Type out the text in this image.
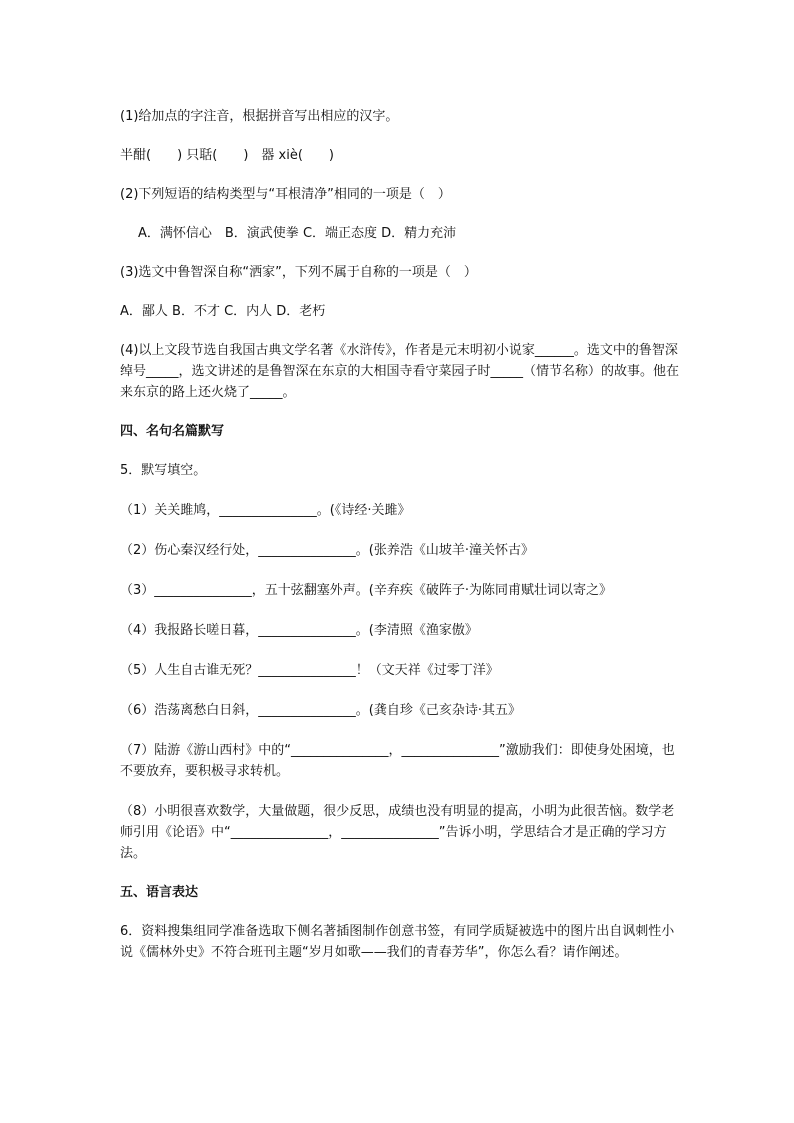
(1)给加点的字注音，根据拼音写出相应的汉字。

半酣(　　) 只聒(　　)　器 xiè(　　)

(2)下列短语的结构类型与“耳根清净”相同的一项是（　）

A．满怀信心　B．演武使拳 C．端正态度 D．精力充沛

(3)选文中鲁智深自称“洒家”，下列不属于自称的一项是（　）

A．鄙人 B．不才 C．内人 D．老朽

(4)以上文段节选自我国古典文学名著《水浒传》，作者是元末明初小说家______。选文中的鲁智深绰号_____，选文讲述的是鲁智深在东京的大相国寺看守菜园子时_____（情节名称）的故事。他在来东京的路上还火烧了_____。

四、名句名篇默写

5．默写填空。

（1）关关雎鸠，_______________。(《诗经·关雎》

（2）伤心秦汉经行处，_______________。(张养浩《山坡羊·潼关怀古》

（3）_______________，五十弦翻塞外声。(辛弃疾《破阵子·为陈同甫赋壮词以寄之》

（4）我报路长嗟日暮，_______________。(李清照《渔家傲》

（5）人生自古谁无死？_______________！（文天祥《过零丁洋》

（6）浩荡离愁白日斜，_______________。(龚自珍《己亥杂诗·其五》

（7）陆游《游山西村》中的“_______________，_______________”激励我们：即使身处困境，也不要放弃，要积极寻求转机。

（8）小明很喜欢数学，大量做题，很少反思，成绩也没有明显的提高，小明为此很苦恼。数学老师引用《论语》中“_______________，_______________”告诉小明，学思结合才是正确的学习方法。

五、语言表达

6．资料搜集组同学准备选取下侧名著插图制作创意书签，有同学质疑被选中的图片出自讽刺性小说《儒林外史》不符合班刊主题“岁月如歌——我们的青春芳华”，你怎么看？请作阐述。
